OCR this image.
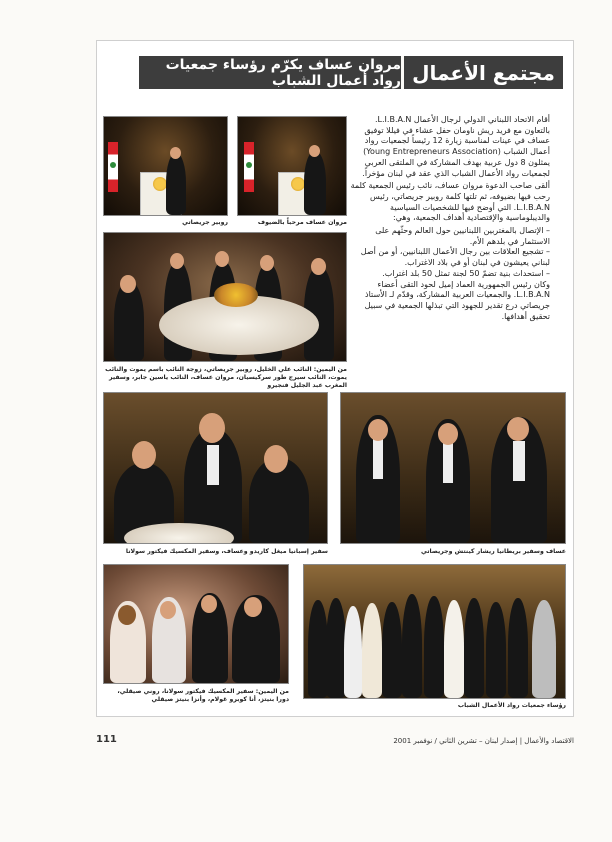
مروان عساف يكرّم رؤساء جمعيات رواد أعمال الشباب مجتمع الأعمال

أقام الاتحاد اللبناني الدولي لرجال الأعمال L.I.B.A.N. بالتعاون مع فريد ريش ناومان حفل عشاء في فيللا توفيق عساف في عينات لمناسبة زيارة 12 رئيساً لجمعيات رواد أعمال الشباب (Young Entrepreneurs Association) يمثلون 8 دول عربية بهدف المشاركة في الملتقى العربي لجمعيات رواد الأعمال الشباب الذي عقد في لبنان مؤخراً.

ألقى صاحب الدعوة مروان عساف، نائب رئيس الجمعية كلمة رحب فيها بضيوفه، ثم تلتها كلمة روبير جريصاتي، رئيس L.I.B.A.N. التي أوضح فيها للشخصيات السياسية والديبلوماسية والإقتصادية أهداف الجمعية، وهي:

– الإتصال بالمغتربين اللبنانيين حول العالم وحثّهم على الاستثمار في بلدهم الأم.
– تشجيع العلاقات بين رجال الأعمال اللبنانيين، أو من أصل لبناني يعيشون في لبنان أو في بلاد الاغتراب.
– استحداث بنية تضمّ 50 لجنة تمثل 50 بلد اغتراب.

وكان رئيس الجمهورية العماد إميل لحود التقى أعضاء L.I.B.A.N. والجمعيات العربية المشاركة، وقدّم لـ الأستاذ جريصاتي درع تقدير للجهود التي تبذلها الجمعية في سبيل تحقيق أهدافها.

روبير جريصاتي	مروان عساف مرحباً بالضيوف
من اليمين: النائب علي الخليل، روبير جريصاتي، زوجة النائب باسم يموت والنائب يموت، النائب سيرج طور سركيسيان، مروان عساف، النائب ياسين جابر، وسفير المغرب عبد الجليل فنجيرو
سفير إسبانيا ميغل كاريدو وعساف، وسفير المكسيك فيكتور سولانا	عساف وسفير بريطانيا ريشار كينتش وجريصاتي
من اليمين: سفير المكسيك فيكتور سولانا، روني صيقلي، دورا بنيتز، أنا كوبرو غولام، وأنزا بنيتز صيقلي
رؤساء جمعيات رواد الأعمال الشباب
111	الاقتصاد والأعمال | إصدار لبنان – تشرين الثاني / نوفمبر 2001
